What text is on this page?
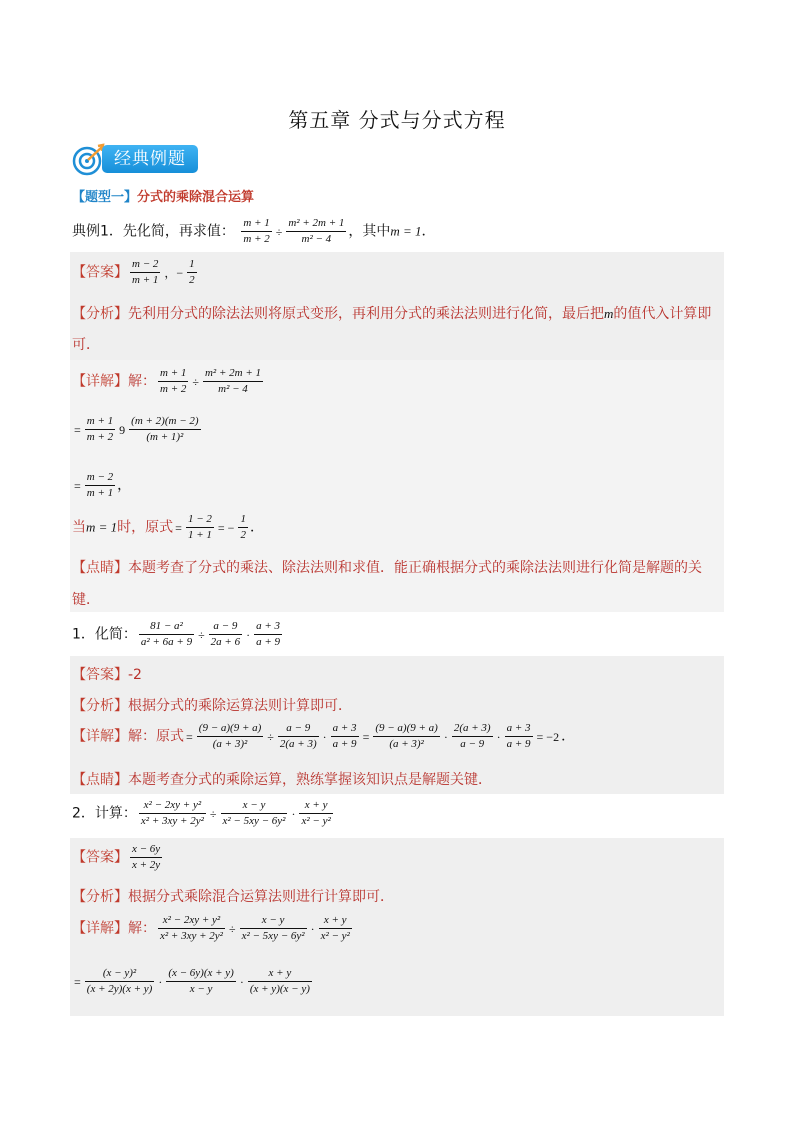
第五章 分式与分式方程
经典例题
【题型一】分式的乘除混合运算
典例1．先化简，再求值： $\frac{m + 1}{m + 2} \div \frac{\text{m² + 2m + 1}}{\text{m² − 4}}$ ，其中m = 1．
【答案】 $\frac{m - 2}{m + 1}$ ，− $\frac{1}{2}$
【分析】先利用分式的除法法则将原式变形，再利用分式的乘法法则进行化简，最后把m的值代入计算即
可．
【详解】解： $\frac{m + 1}{m + 2} \div \frac{\text{m² + 2m + 1}}{\text{m² − 4}}$
= $\frac{m + 1}{m + 2} 9 \frac{(m + 2)(m - 2)}{\text{(m + 1)²}}$
= $\frac{m - 2}{m + 1}$ ，
当m = 1时，原式 = $\frac{1 - 2}{1 + 1}$ = − $\frac{1}{2}$ ．
【点睛】本题考查了分式的乘法、除法法则和求值．能正确根据分式的乘除法法则进行化简是解题的关
键．
1．化简： $\frac{\text{81 − a²}}{\text{a² + 6a + 9}} \div \frac{a - 9}{2a + 6} \cdot \frac{a + 3}{a + 9}$
【答案】-2
【分析】根据分式的乘除运算法则计算即可．
【详解】解：原式 = $\frac{(9 - a)(9 + a)}{\text{(a + 3)²}} \div \frac{a - 9}{2(a + 3)} \cdot \frac{a + 3}{a + 9} = \frac{(9 - a)(9 + a)}{\text{(a + 3)²}} \cdot \frac{2(a + 3)}{a - 9} \cdot \frac{a + 3}{a + 9} = -2$ ．
【点睛】本题考查分式的乘除运算，熟练掌握该知识点是解题关键．
2．计算： $\frac{\text{x² − 2xy + y²}}{\text{x² + 3xy + 2y²}} \div \frac{x - y}{\text{x² − 5xy − 6y²}} \cdot \frac{x + y}{\text{x² − y²}}$
【答案】 $\frac{x - 6y}{x + 2y}$
【分析】根据分式乘除混合运算法则进行计算即可．
【详解】解： $\frac{\text{x² − 2xy + y²}}{\text{x² + 3xy + 2y²}} \div \frac{x - y}{\text{x² − 5xy − 6y²}} \cdot \frac{x + y}{\text{x² − y²}}$
= $\frac{\text{(x − y)²}}{(x + 2y)(x + y)} \cdot \frac{(x - 6y)(x + y)}{x - y} \cdot \frac{x + y}{(x + y)(x - y)}$
